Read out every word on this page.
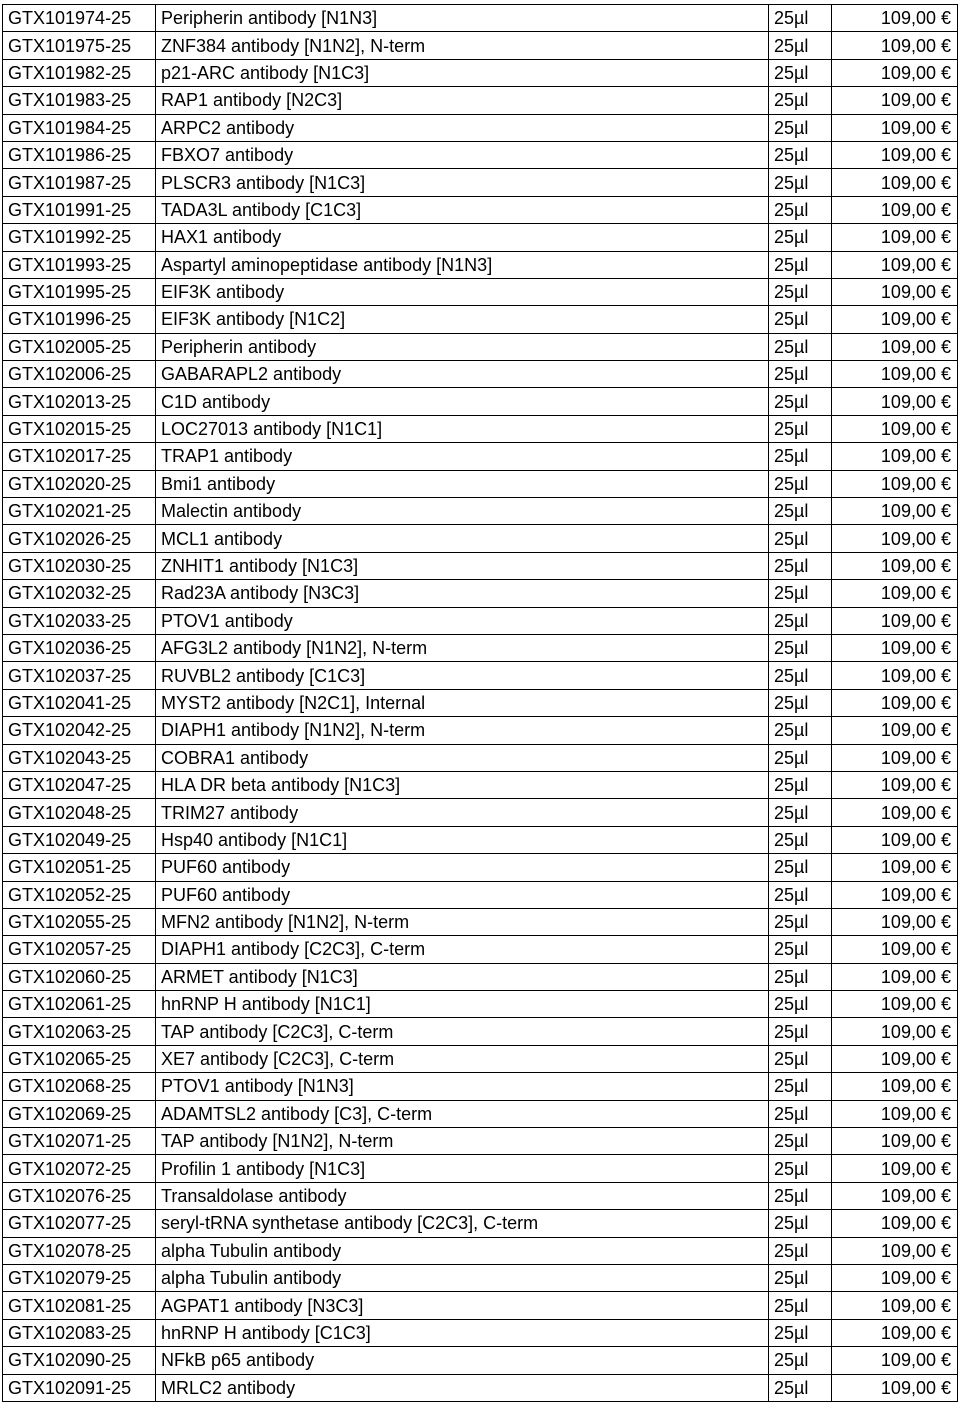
GTX101974-25	Peripherin antibody [N1N3]	25µl	109,00 €
GTX101975-25	ZNF384 antibody [N1N2], N-term	25µl	109,00 €
GTX101982-25	p21-ARC antibody [N1C3]	25µl	109,00 €
GTX101983-25	RAP1 antibody [N2C3]	25µl	109,00 €
GTX101984-25	ARPC2 antibody	25µl	109,00 €
GTX101986-25	FBXO7 antibody	25µl	109,00 €
GTX101987-25	PLSCR3 antibody [N1C3]	25µl	109,00 €
GTX101991-25	TADA3L antibody [C1C3]	25µl	109,00 €
GTX101992-25	HAX1 antibody	25µl	109,00 €
GTX101993-25	Aspartyl aminopeptidase antibody [N1N3]	25µl	109,00 €
GTX101995-25	EIF3K antibody	25µl	109,00 €
GTX101996-25	EIF3K antibody [N1C2]	25µl	109,00 €
GTX102005-25	Peripherin antibody	25µl	109,00 €
GTX102006-25	GABARAPL2 antibody	25µl	109,00 €
GTX102013-25	C1D antibody	25µl	109,00 €
GTX102015-25	LOC27013 antibody [N1C1]	25µl	109,00 €
GTX102017-25	TRAP1 antibody	25µl	109,00 €
GTX102020-25	Bmi1 antibody	25µl	109,00 €
GTX102021-25	Malectin antibody	25µl	109,00 €
GTX102026-25	MCL1 antibody	25µl	109,00 €
GTX102030-25	ZNHIT1 antibody [N1C3]	25µl	109,00 €
GTX102032-25	Rad23A antibody [N3C3]	25µl	109,00 €
GTX102033-25	PTOV1 antibody	25µl	109,00 €
GTX102036-25	AFG3L2 antibody [N1N2], N-term	25µl	109,00 €
GTX102037-25	RUVBL2 antibody [C1C3]	25µl	109,00 €
GTX102041-25	MYST2 antibody [N2C1], Internal	25µl	109,00 €
GTX102042-25	DIAPH1 antibody [N1N2], N-term	25µl	109,00 €
GTX102043-25	COBRA1 antibody	25µl	109,00 €
GTX102047-25	HLA DR beta antibody [N1C3]	25µl	109,00 €
GTX102048-25	TRIM27 antibody	25µl	109,00 €
GTX102049-25	Hsp40 antibody [N1C1]	25µl	109,00 €
GTX102051-25	PUF60 antibody	25µl	109,00 €
GTX102052-25	PUF60 antibody	25µl	109,00 €
GTX102055-25	MFN2 antibody [N1N2], N-term	25µl	109,00 €
GTX102057-25	DIAPH1 antibody [C2C3], C-term	25µl	109,00 €
GTX102060-25	ARMET antibody [N1C3]	25µl	109,00 €
GTX102061-25	hnRNP H antibody [N1C1]	25µl	109,00 €
GTX102063-25	TAP antibody [C2C3], C-term	25µl	109,00 €
GTX102065-25	XE7 antibody [C2C3], C-term	25µl	109,00 €
GTX102068-25	PTOV1 antibody [N1N3]	25µl	109,00 €
GTX102069-25	ADAMTSL2 antibody [C3], C-term	25µl	109,00 €
GTX102071-25	TAP antibody [N1N2], N-term	25µl	109,00 €
GTX102072-25	Profilin 1 antibody [N1C3]	25µl	109,00 €
GTX102076-25	Transaldolase antibody	25µl	109,00 €
GTX102077-25	seryl-tRNA synthetase antibody [C2C3], C-term	25µl	109,00 €
GTX102078-25	alpha Tubulin antibody	25µl	109,00 €
GTX102079-25	alpha Tubulin antibody	25µl	109,00 €
GTX102081-25	AGPAT1 antibody [N3C3]	25µl	109,00 €
GTX102083-25	hnRNP H antibody [C1C3]	25µl	109,00 €
GTX102090-25	NFkB p65 antibody	25µl	109,00 €
GTX102091-25	MRLC2 antibody	25µl	109,00 €
